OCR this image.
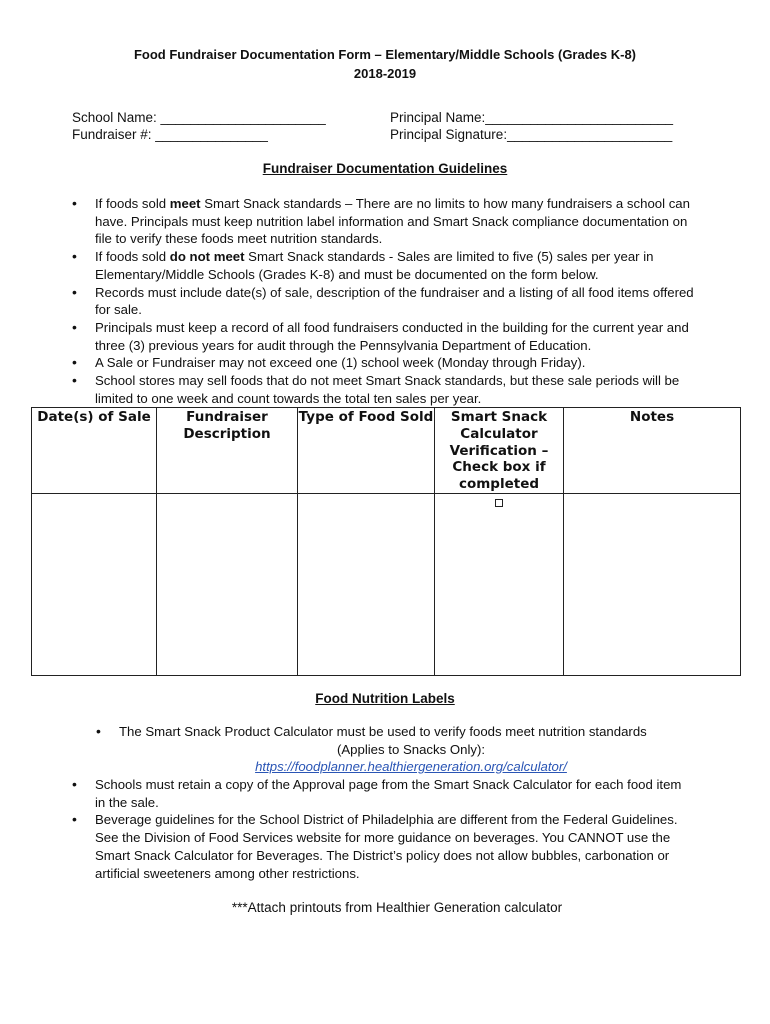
Food Fundraiser Documentation Form – Elementary/Middle Schools (Grades K-8)
2018-2019
School Name: ______________________
Fundraiser #: _______________
Principal Name:_________________________
Principal Signature:______________________
Fundraiser Documentation Guidelines
• If foods sold meet Smart Snack standards – There are no limits to how many fundraisers a school can have. Principals must keep nutrition label information and Smart Snack compliance documentation on file to verify these foods meet nutrition standards.
• If foods sold do not meet Smart Snack standards - Sales are limited to five (5) sales per year in Elementary/Middle Schools (Grades K-8) and must be documented on the form below.
• Records must include date(s) of sale, description of the fundraiser and a listing of all food items offered for sale.
• Principals must keep a record of all food fundraisers conducted in the building for the current year and three (3) previous years for audit through the Pennsylvania Department of Education.
• A Sale or Fundraiser may not exceed one (1) school week (Monday through Friday).
• School stores may sell foods that do not meet Smart Snack standards, but these sale periods will be limited to one week and count towards the total ten sales per year.
Date(s) of Sale	Fundraiser Description	Type of Food Sold	Smart Snack Calculator Verification – Check box if completed	Notes

Food Nutrition Labels
• The Smart Snack Product Calculator must be used to verify foods meet nutrition standards
(Applies to Snacks Only):
https://foodplanner.healthiergeneration.org/calculator/
• Schools must retain a copy of the Approval page from the Smart Snack Calculator for each food item in the sale.
• Beverage guidelines for the School District of Philadelphia are different from the Federal Guidelines. See the Division of Food Services website for more guidance on beverages. You CANNOT use the Smart Snack Calculator for Beverages. The District’s policy does not allow bubbles, carbonation or artificial sweeteners among other restrictions.
***Attach printouts from Healthier Generation calculator
